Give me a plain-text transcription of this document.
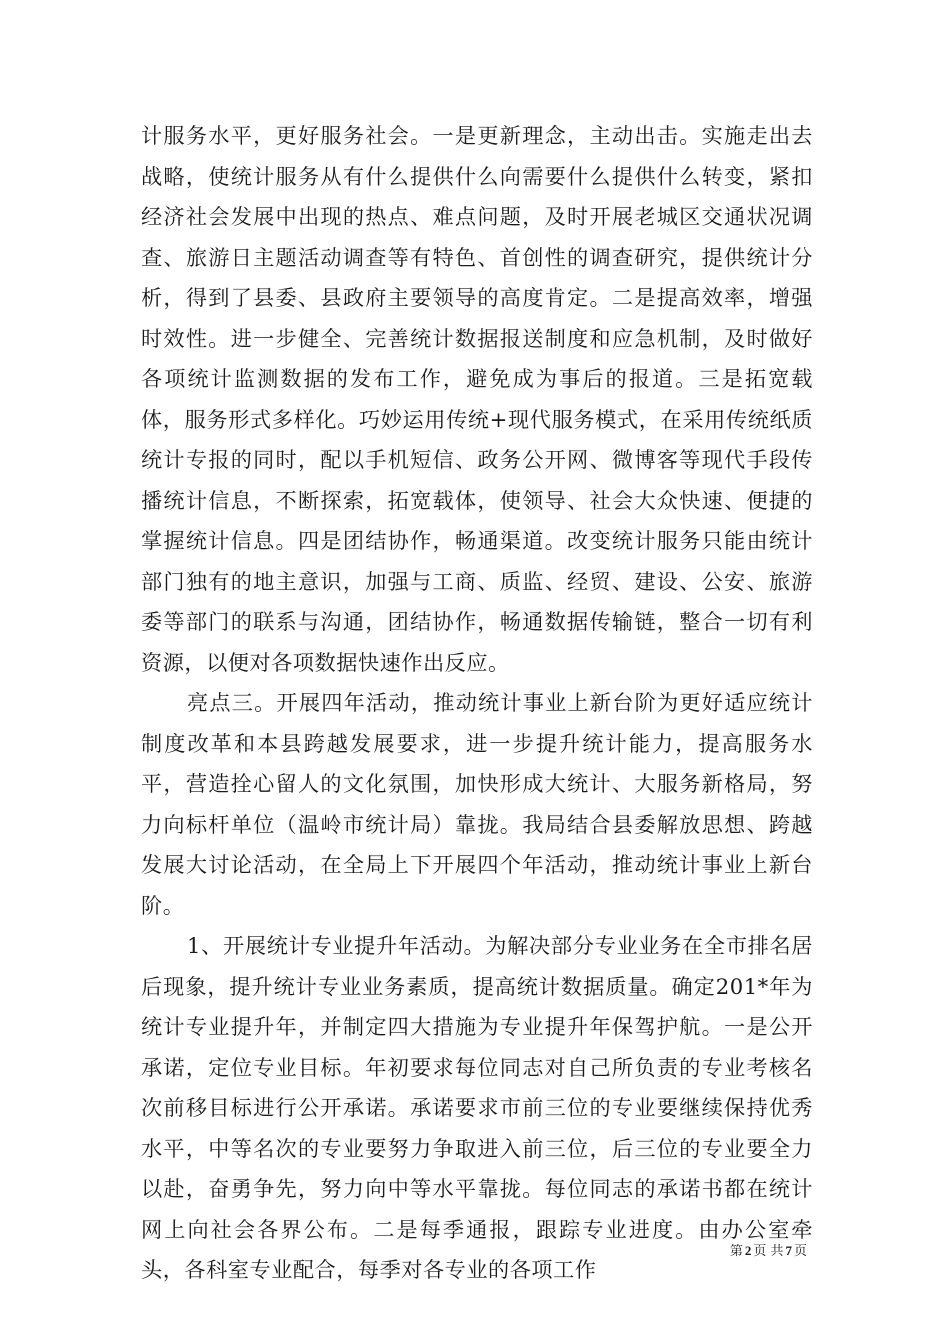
计服务水平，更好服务社会。一是更新理念，主动出击。实施走出去战略，使统计服务从有什么提供什么向需要什么提供什么转变，紧扣经济社会发展中出现的热点、难点问题，及时开展老城区交通状况调查、旅游日主题活动调查等有特色、首创性的调查研究，提供统计分析，得到了县委、县政府主要领导的高度肯定。二是提高效率，增强时效性。进一步健全、完善统计数据报送制度和应急机制，及时做好各项统计监测数据的发布工作，避免成为事后的报道。三是拓宽载体，服务形式多样化。巧妙运用传统+现代服务模式，在采用传统纸质统计专报的同时，配以手机短信、政务公开网、微博客等现代手段传播统计信息，不断探索，拓宽载体，使领导、社会大众快速、便捷的掌握统计信息。四是团结协作，畅通渠道。改变统计服务只能由统计部门独有的地主意识，加强与工商、质监、经贸、建设、公安、旅游委等部门的联系与沟通，团结协作，畅通数据传输链，整合一切有利资源，以便对各项数据快速作出反应。

亮点三。开展四年活动，推动统计事业上新台阶为更好适应统计制度改革和本县跨越发展要求，进一步提升统计能力，提高服务水平，营造拴心留人的文化氛围，加快形成大统计、大服务新格局，努力向标杆单位（温岭市统计局）靠拢。我局结合县委解放思想、跨越发展大讨论活动，在全局上下开展四个年活动，推动统计事业上新台阶。

1、开展统计专业提升年活动。为解决部分专业业务在全市排名居后现象，提升统计专业业务素质，提高统计数据质量。确定201*年为统计专业提升年，并制定四大措施为专业提升年保驾护航。一是公开承诺，定位专业目标。年初要求每位同志对自己所负责的专业考核名次前移目标进行公开承诺。承诺要求市前三位的专业要继续保持优秀水平，中等名次的专业要努力争取进入前三位，后三位的专业要全力以赴，奋勇争先，努力向中等水平靠拢。每位同志的承诺书都在统计网上向社会各界公布。二是每季通报，跟踪专业进度。由办公室牵头，各科室专业配合，每季对各专业的各项工作

第 2 页 共 7 页
